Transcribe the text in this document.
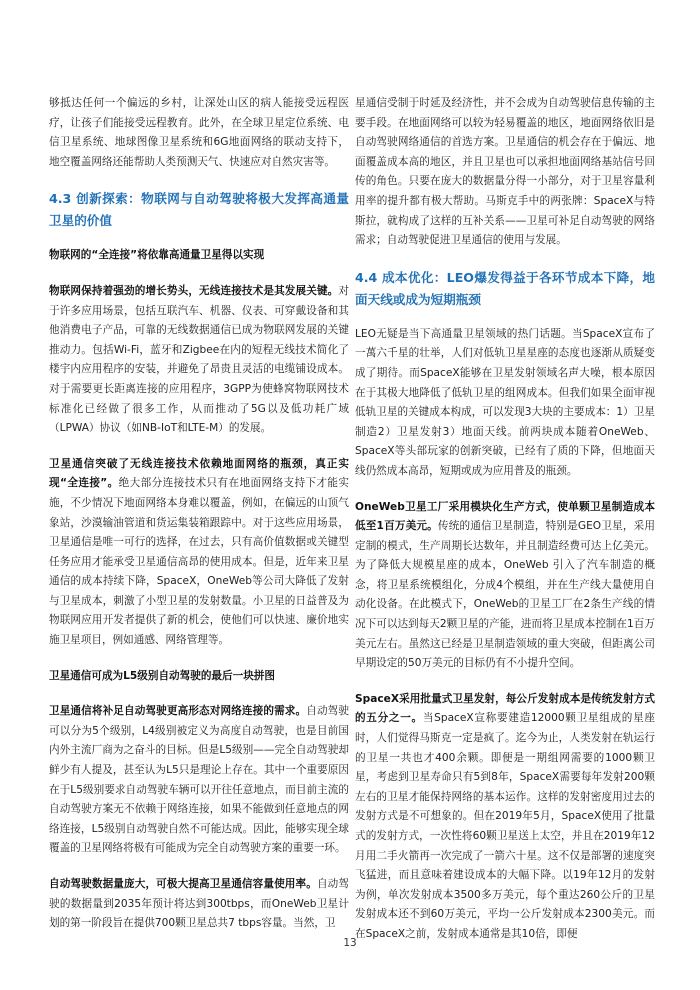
够抵达任何一个偏远的乡村，让深处山区的病人能接受远程医疗，让孩子们能接受远程教育。此外，在全球卫星定位系统、电信卫星系统、地球图像卫星系统和6G地面网络的联动支持下，地空覆盖网络还能帮助人类预测天气、快速应对自然灾害等。

4.3 创新探索：物联网与自动驾驶将极大发挥高通量卫星的价值
物联网的“全连接”将依靠高通量卫星得以实现

物联网保持着强劲的增长势头，无线连接技术是其发展关键。对于许多应用场景，包括互联汽车、机器、仪表、可穿戴设备和其他消费电子产品，可靠的无线数据通信已成为物联网发展的关键推动力。包括Wi-Fi，蓝牙和Zigbee在内的短程无线技术简化了楼宇内应用程序的安装，并避免了昂贵且灵活的电缆铺设成本。对于需要更长距离连接的应用程序，3GPP为使蜂窝物联网技术标准化已经做了很多工作，从而推动了5G以及低功耗广域（LPWA）协议（如NB-IoT和LTE-M）的发展。

卫星通信突破了无线连接技术依赖地面网络的瓶颈，真正实现“全连接”。绝大部分连接技术只有在地面网络支持下才能实施，不少情况下地面网络本身难以覆盖，例如，在偏远的山顶气象站，沙漠输油管道和货运集装箱跟踪中。对于这些应用场景，卫星通信是唯一可行的选择，在过去，只有高价值数据或关键型任务应用才能承受卫星通信高昂的使用成本。但是，近年来卫星通信的成本持续下降，SpaceX，OneWeb等公司大降低了发射与卫星成本，刺激了小型卫星的发射数量。小卫星的日益普及为物联网应用开发者提供了新的机会，使他们可以快速、廉价地实施卫星项目，例如通感、网络管理等。

卫星通信可成为L5级别自动驾驶的最后一块拼图

卫星通信将补足自动驾驶更高形态对网络连接的需求。自动驾驶可以分为5个级别，L4级别被定义为高度自动驾驶，也是目前国内外主流厂商为之奋斗的目标。但是L5级别——完全自动驾驶却鲜少有人提及，甚至认为L5只是理论上存在。其中一个重要原因在于L5级别要求自动驾驶车辆可以开往任意地点，而目前主流的自动驾驶方案无不依赖于网络连接，如果不能做到任意地点的网络连接，L5级别自动驾驶自然不可能达成。因此，能够实现全球覆盖的卫星网络将极有可能成为完全自动驾驶方案的重要一环。

自动驾驶数据量庞大，可极大提高卫星通信容量使用率。自动驾驶的数据量到2035年预计将达到300tbps，而OneWeb卫星计划的第一阶段旨在提供700颗卫星总共7 tbps容量。当然，卫

星通信受制于时延及经济性，并不会成为自动驾驶信息传输的主要手段。在地面网络可以较为轻易覆盖的地区，地面网络依旧是自动驾驶网络通信的首选方案。卫星通信的机会存在于偏远、地面覆盖成本高的地区，并且卫星也可以承担地面网络基站信号回传的角色。只要在庞大的数据量分得一小部分，对于卫星容量利用率的提升都有极大帮助。马斯克手中的两张牌：SpaceX与特斯拉，就构成了这样的互补关系——卫星可补足自动驾驶的网络需求；自动驾驶促进卫星通信的使用与发展。

4.4 成本优化：LEO爆发得益于各环节成本下降，地面天线或成为短期瓶颈

LEO无疑是当下高通量卫星领域的热门话题。当SpaceX宣布了一萬六千星的壮举，人们对低轨卫星星座的态度也逐渐从质疑变成了期待。而SpaceX能够在卫星发射领域名声大噪，根本原因在于其极大地降低了低轨卫星的组网成本。但我们如果全面审视低轨卫星的关键成本构成，可以发现3大块的主要成本：1）卫星制造2）卫星发射3）地面天线。前两块成本随着OneWeb、SpaceX等头部玩家的创新突破，已经有了质的下降，但地面天线仍然成本高昂，短期或成为应用普及的瓶颈。

OneWeb卫星工厂采用模块化生产方式，使单颗卫星制造成本低至1百万美元。传统的通信卫星制造，特别是GEO卫星，采用定制的模式，生产周期长达数年，并且制造经费可达上亿美元。为了降低大规模星座的成本，OneWeb 引入了汽车制造的概念，将卫星系统模组化，分成4个模组，并在生产线大量使用自动化设备。在此模式下，OneWeb的卫星工厂在2条生产线的情况下可以达到每天2颗卫星的产能，进而将卫星成本控制在1百万美元左右。虽然这已经是卫星制造领域的重大突破，但距离公司早期设定的50万美元的目标仍有不小提升空间。

SpaceX采用批量式卫星发射，每公斤发射成本是传统发射方式的五分之一。当SpaceX宣称要建造12000颗卫星组成的星座时，人们觉得马斯克一定是疯了。迄今为止，人类发射在轨运行的卫星一共也才400余颗。即便是一期组网需要的1000颗卫星，考虑到卫星寿命只有5到8年，SpaceX需要每年发射200颗左右的卫星才能保持网络的基本运作。这样的发射密度用过去的发射方式是不可想象的。但在2019年5月，SpaceX使用了批量式的发射方式，一次性将60颗卫星送上太空，并且在2019年12月用二手火箭再一次完成了一箭六十星。这不仅是部署的速度突飞猛进，而且意味着建设成本的大幅下降。以19年12月的发射为例，单次发射成本3500多万美元，每个重达260公斤的卫星发射成本还不到60万美元，平均一公斤发射成本2300美元。而在SpaceX之前，发射成本通常是其10倍，即便

13
